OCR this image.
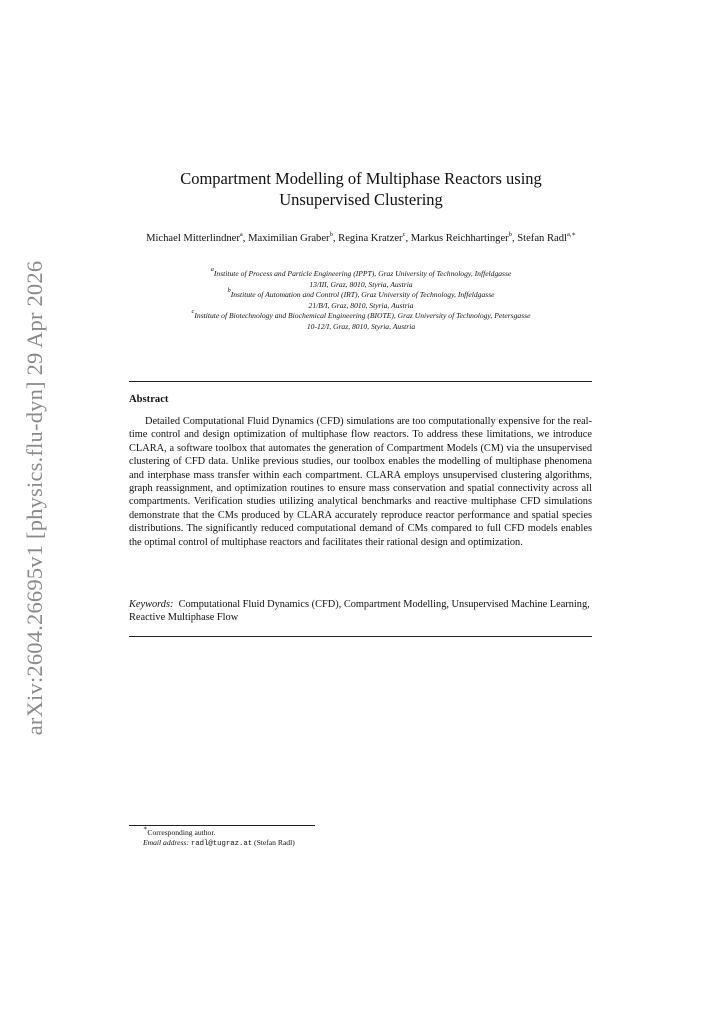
arXiv:2604.26695v1 [physics.flu-dyn] 29 Apr 2026
Compartment Modelling of Multiphase Reactors using
Unsupervised Clustering
Michael Mitterlindner$^a$, Maximilian Graber$^b$, Regina Kratzer$^c$, Markus Reichhartinger$^b$, Stefan Radl$^{a,∗}$
$^a$Institute of Process and Particle Engineering (IPPT), Graz University of Technology, Inffeldgasse
13/III, Graz, 8010, Styria, Austria
$^b$Institute of Automation and Control (IRT), Graz University of Technology, Inffeldgasse
21/B/I, Graz, 8010, Styria, Austria
$^c$Institute of Biotechnology and Biochemical Engineering (BIOTE), Graz University of Technology, Petersgasse
10-12/I, Graz, 8010, Styria, Austria
Abstract

Detailed Computational Fluid Dynamics (CFD) simulations are too computationally expensive for the real-time control and design optimization of multiphase flow reactors. To address these limitations, we introduce CLARA, a software toolbox that automates the generation of Compartment Models (CM) via the unsupervised clustering of CFD data. Unlike previous studies, our toolbox enables the modelling of multiphase phenomena and interphase mass transfer within each compartment. CLARA employs unsupervised clustering algorithms, graph reassignment, and optimization routines to ensure mass conservation and spatial connectivity across all compartments. Verification studies utilizing analytical benchmarks and reactive multiphase CFD simulations demonstrate that the CMs produced by CLARA accurately reproduce reactor performance and spatial species distributions. The significantly reduced computational demand of CMs compared to full CFD models enables the optimal control of multiphase reactors and facilitates their rational design and optimization.

Keywords: Computational Fluid Dynamics (CFD), Compartment Modelling, Unsupervised Machine Learning, Reactive Multiphase Flow

∗Corresponding author.
Email address: radl@tugraz.at (Stefan Radl)
